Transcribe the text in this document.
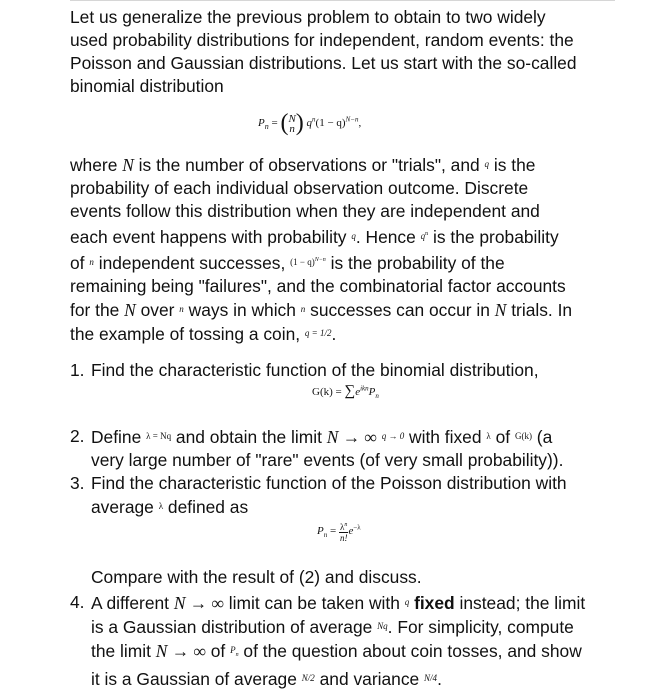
Let us generalize the previous problem to obtain to two widely
used probability distributions for independent, random events: the
Poisson and Gaussian distributions. Let us start with the so-called
binomial distribution
$P_n$ = ( N
n ) $q^n(1 - q)^{N-n}$,
where N is the number of observations or "trials", and $^q$ is the
probability of each individual observation outcome. Discrete
events follow this distribution when they are independent and
each event happens with probability $^q$. Hence $^{q^n}$ is the probability
of $^n$ independent successes, $^{(1 - q)^{N-n}}$ is the probability of the
remaining being "failures", and the combinatorial factor accounts
for the N over $^n$ ways in which $^n$ successes can occur in N trials. In
the example of tossing a coin, $^{q = 1/2}$.
1. Find the characteristic function of the binomial distribution,
$G(k) = \sum e^{ikn}P_n$
2. Define $^{\lambda = Nq}$ and obtain the limit N → ∞ $^{q \to 0}$ with fixed $^\lambda$ of $^{G(k)}$ (a
very large number of "rare" events (of very small probability)).
3. Find the characteristic function of the Poisson distribution with
average $^\lambda$ defined as
$P_n = \frac{\lambda^n}{n!} e^{-\lambda}$
Compare with the result of (2) and discuss.
4. A different N → ∞ limit can be taken with $^q$ fixed instead; the limit
is a Gaussian distribution of average $^{Nq}$. For simplicity, compute
the limit N → ∞ of $^{P_n}$ of the question about coin tosses, and show
it is a Gaussian of average $^{N/2}$ and variance $^{N/4}$.
